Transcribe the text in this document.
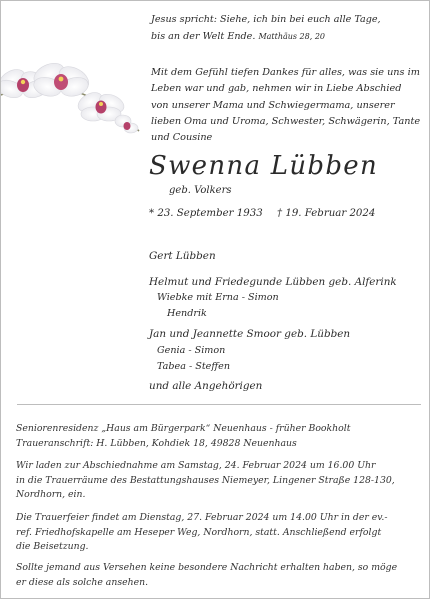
Jesus spricht: Siehe, ich bin bei euch alle Tage,
bis an der Welt Ende. Matthäus 28, 20
Mit dem Gefühl tiefen Dankes für alles, was sie uns im
Leben war und gab, nehmen wir in Liebe Abschied
von unserer Mama und Schwiegermama, unserer
lieben Oma und Uroma, Schwester, Schwägerin, Tante
und Cousine
Swenna Lübben
geb. Volkers
* 23. September 1933 † 19. Februar 2024
Gert Lübben
Helmut und Friedegunde Lübben geb. Alferink
Wiebke mit Erna - Simon
Hendrik
Jan und Jeannette Smoor geb. Lübben
Genia - Simon
Tabea - Steffen
und alle Angehörigen
Seniorenresidenz „Haus am Bürgerpark“ Neuenhaus - früher Bookholt
Traueranschrift: H. Lübben, Kohdiek 18, 49828 Neuenhaus
Wir laden zur Abschiednahme am Samstag, 24. Februar 2024 um 16.00 Uhr
in die Trauerräume des Bestattungshauses Niemeyer, Lingener Straße 128-130,
Nordhorn, ein.
Die Trauerfeier findet am Dienstag, 27. Februar 2024 um 14.00 Uhr in der ev.-
ref. Friedhofskapelle am Heseper Weg, Nordhorn, statt. Anschließend erfolgt
die Beisetzung.
Sollte jemand aus Versehen keine besondere Nachricht erhalten haben, so möge
er diese als solche ansehen.
